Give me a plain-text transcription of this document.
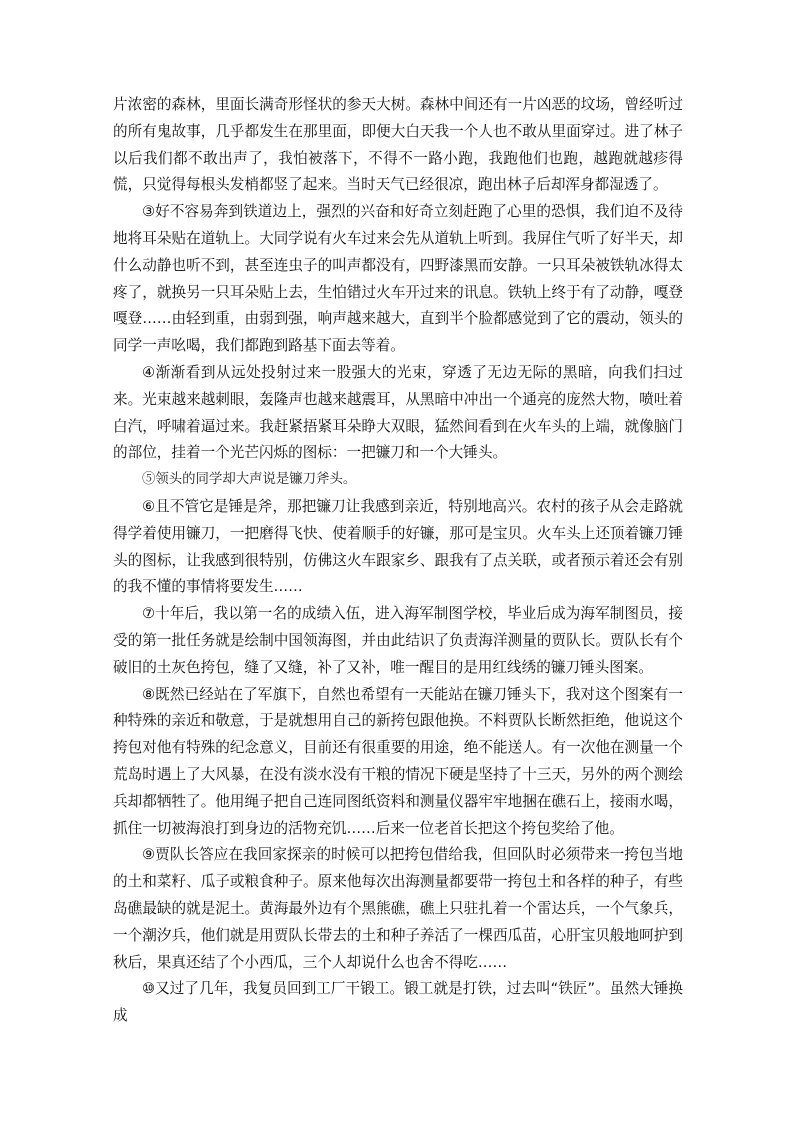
片浓密的森林，里面长满奇形怪状的参天大树。森林中间还有一片凶恶的坟场，曾经听过的所有鬼故事，几乎都发生在那里面，即便大白天我一个人也不敢从里面穿过。进了林子以后我们都不敢出声了，我怕被落下，不得不一路小跑，我跑他们也跑，越跑就越疹得慌，只觉得每根头发梢都竖了起来。当时天气已经很凉，跑出林子后却浑身都湿透了。

③好不容易奔到铁道边上，强烈的兴奋和好奇立刻赶跑了心里的恐惧，我们迫不及待地将耳朵贴在道轨上。大同学说有火车过来会先从道轨上听到。我屏住气听了好半天，却什么动静也听不到，甚至连虫子的叫声都没有，四野漆黑而安静。一只耳朵被铁轨冰得太疼了，就换另一只耳朵贴上去，生怕错过火车开过来的讯息。铁轨上终于有了动静，嘎登嘎登……由轻到重，由弱到强，响声越来越大，直到半个脸都感觉到了它的震动，领头的同学一声吆喝，我们都跑到路基下面去等着。

④渐渐看到从远处投射过来一股强大的光束，穿透了无边无际的黑暗，向我们扫过来。光束越来越刺眼，轰隆声也越来越震耳，从黑暗中冲出一个通亮的庞然大物，喷吐着白汽，呼啸着逼过来。我赶紧捂紧耳朵睁大双眼，猛然间看到在火车头的上端，就像脑门的部位，挂着一个光芒闪烁的图标：一把镰刀和一个大锤头。

⑤领头的同学却大声说是镰刀斧头。

⑥且不管它是锤是斧，那把镰刀让我感到亲近，特别地高兴。农村的孩子从会走路就得学着使用镰刀，一把磨得飞快、使着顺手的好镰，那可是宝贝。火车头上还顶着镰刀锤头的图标，让我感到很特别，仿佛这火车跟家乡、跟我有了点关联，或者预示着还会有别的我不懂的事情将要发生……

⑦十年后，我以第一名的成绩入伍，进入海军制图学校，毕业后成为海军制图员，接受的第一批任务就是绘制中国领海图，并由此结识了负责海洋测量的贾队长。贾队长有个破旧的土灰色挎包，缝了又缝，补了又补，唯一醒目的是用红线绣的镰刀锤头图案。

⑧既然已经站在了军旗下，自然也希望有一天能站在镰刀锤头下，我对这个图案有一种特殊的亲近和敬意，于是就想用自己的新挎包跟他换。不料贾队长断然拒绝，他说这个挎包对他有特殊的纪念意义，目前还有很重要的用途，绝不能送人。有一次他在测量一个荒岛时遇上了大风暴，在没有淡水没有干粮的情况下硬是坚持了十三天，另外的两个测绘兵却都牺牲了。他用绳子把自己连同图纸资料和测量仪器牢牢地捆在礁石上，接雨水喝，抓住一切被海浪打到身边的活物充饥……后来一位老首长把这个挎包奖给了他。

⑨贾队长答应在我回家探亲的时候可以把挎包借给我，但回队时必须带来一挎包当地的土和菜籽、瓜子或粮食种子。原来他每次出海测量都要带一挎包土和各样的种子，有些岛礁最缺的就是泥土。黄海最外边有个黑熊礁，礁上只驻扎着一个雷达兵，一个气象兵，一个潮汐兵，他们就是用贾队长带去的土和种子养活了一棵西瓜苗，心肝宝贝般地呵护到秋后，果真还结了个小西瓜，三个人却说什么也舍不得吃……

⑩又过了几年，我复员回到工厂干锻工。锻工就是打铁，过去叫“铁匠”。虽然大锤换成
